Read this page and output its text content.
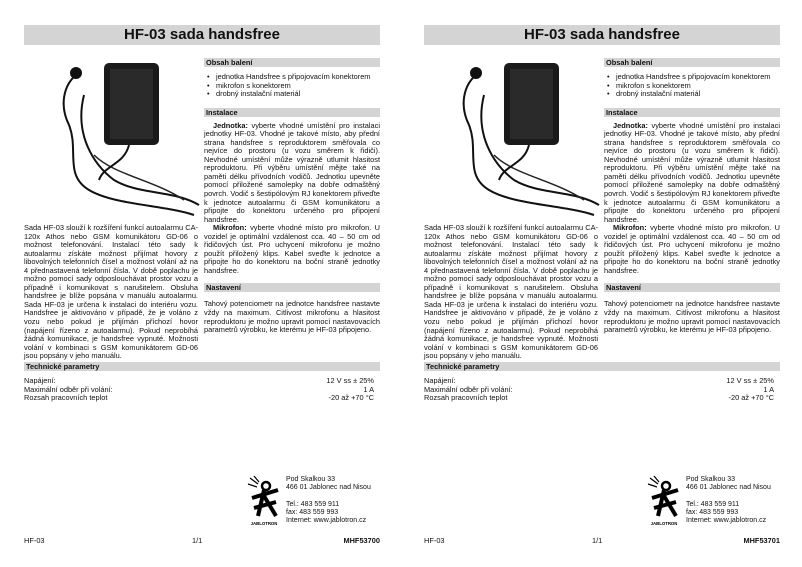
HF-03 sada handsfree
Sada HF-03 slouží k rozšíření funkcí autoalarmu CA-120x Athos nebo GSM komunikátoru GD-06 o možnost telefonování. Instalací této sady k autoalarmu získáte možnost přijímat hovory z libovolných telefonních čísel a možnost volání až na 4 přednastavená telefonní čísla. V době poplachu je možno pomocí sady odposlouchávat prostor vozu a případně i komunikovat s narušitelem. Obsluha handsfree je blíže popsána v manuálu autoalarmu. Sada HF-03 je určena k instalaci do interiéru vozu. Handsfree je aktivováno v případě, že je voláno z vozu nebo pokud je přijímán příchozí hovor (napájení řízeno z autoalarmu). Pokud neprobíhá žádná komunikace, je handsfree vypnuté. Možnosti volání v kombinaci s GSM komunikátorem GD-06 jsou popsány v jeho manuálu.
Obsah balení
• jednotka Handsfree s připojovacím konektorem
• mikrofon s konektorem
• drobný instalační materiál
Instalace
Jednotka: vyberte vhodné umístění pro instalaci jednotky HF-03. Vhodné je takové místo, aby přední strana handsfree s reproduktorem směřovala co nejvíce do prostoru (u vozu směrem k řidiči). Nevhodné umístění může výrazně utlumit hlasitost reproduktoru. Při výběru umístění mějte také na paměti délku přívodních vodičů. Jednotku upevněte pomocí přiložené samolepky na dobře odmaštěný povrch. Vodič s šestipólovým RJ konektorem přiveďte k jednotce autoalarmu či GSM komunikátoru a připojte do konektoru určeného pro připojení handsfree.
Mikrofon: vyberte vhodné místo pro mikrofon. U vozidel je optimální vzdálenost cca. 40 – 50 cm od řidičových úst. Pro uchycení mikrofonu je možno použít přiložený klips. Kabel sveďte k jednotce a připojte ho do konektoru na boční straně jednotky handsfree.
Nastavení
Tahový potenciometr na jednotce handsfree nastavte vždy na maximum. Citlivost mikrofonu a hlasitost reproduktoru je možno upravit pomocí nastavovacích parametrů výrobku, ke kterému je HF-03 připojeno.
Technické parametry
Napájení:	12 V ss ± 25%
Maximální odběr při volání:	1 A
Rozsah pracovních teplot	-20 až +70 °C
JABLOTRON
Pod Skalkou 33
466 01 Jablonec nad Nisou
Tel.: 483 559 911
fax: 483 559 993
Internet: www.jablotron.cz
HF-03	1/1	MHF53700
HF-03 sada handsfree
Sada HF-03 slouží k rozšíření funkcí autoalarmu CA-120x Athos nebo GSM komunikátoru GD-06 o možnost telefonování. Instalací této sady k autoalarmu získáte možnost přijímat hovory z libovolných telefonních čísel a možnost volání až na 4 přednastavená telefonní čísla. V době poplachu je možno pomocí sady odposlouchávat prostor vozu a případně i komunikovat s narušitelem. Obsluha handsfree je blíže popsána v manuálu autoalarmu. Sada HF-03 je určena k instalaci do interiéru vozu. Handsfree je aktivováno v případě, že je voláno z vozu nebo pokud je přijímán příchozí hovor (napájení řízeno z autoalarmu). Pokud neprobíhá žádná komunikace, je handsfree vypnuté. Možnosti volání v kombinaci s GSM komunikátorem GD-06 jsou popsány v jeho manuálu.
Obsah balení
• jednotka Handsfree s připojovacím konektorem
• mikrofon s konektorem
• drobný instalační materiál
Instalace
Jednotka: vyberte vhodné umístění pro instalaci jednotky HF-03. Vhodné je takové místo, aby přední strana handsfree s reproduktorem směřovala co nejvíce do prostoru (u vozu směrem k řidiči). Nevhodné umístění může výrazně utlumit hlasitost reproduktoru. Při výběru umístění mějte také na paměti délku přívodních vodičů. Jednotku upevněte pomocí přiložené samolepky na dobře odmaštěný povrch. Vodič s šestipólovým RJ konektorem přiveďte k jednotce autoalarmu či GSM komunikátoru a připojte do konektoru určeného pro připojení handsfree.
Mikrofon: vyberte vhodné místo pro mikrofon. U vozidel je optimální vzdálenost cca. 40 – 50 cm od řidičových úst. Pro uchycení mikrofonu je možno použít přiložený klips. Kabel sveďte k jednotce a připojte ho do konektoru na boční straně jednotky handsfree.
Nastavení
Tahový potenciometr na jednotce handsfree nastavte vždy na maximum. Citlivost mikrofonu a hlasitost reproduktoru je možno upravit pomocí nastavovacích parametrů výrobku, ke kterému je HF-03 připojeno.
Technické parametry
Napájení:	12 V ss ± 25%
Maximální odběr při volání:	1 A
Rozsah pracovních teplot	-20 až +70 °C
JABLOTRON
Pod Skalkou 33
466 01 Jablonec nad Nisou
Tel.: 483 559 911
fax: 483 559 993
Internet: www.jablotron.cz
HF-03	1/1	MHF53701
